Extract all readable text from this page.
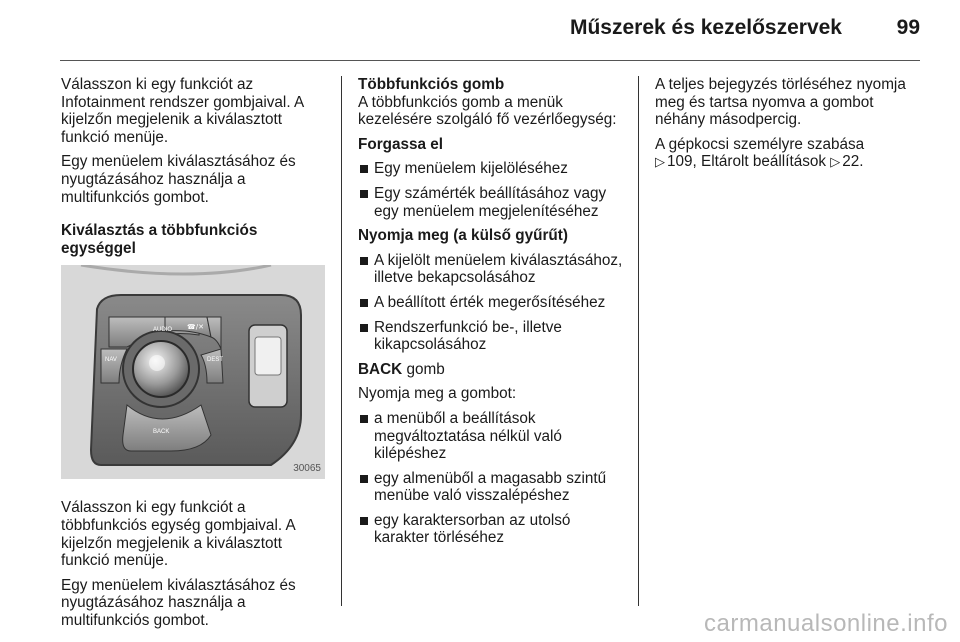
Műszerek és kezelőszervek	99

Válasszon ki egy funkciót az Infotainment rendszer gombjaival. A kijelzőn megjelenik a kiválasztott funkció menüje.

Egy menüelem kiválasztásához és nyugtázásához használja a multifunkciós gombot.

Kiválasztás a többfunkciós egységgel

AUDIO
NAV
☎/✕
DEST
BACK
30065

Válasszon ki egy funkciót a többfunkciós egység gombjaival. A kijelzőn megjelenik a kiválasztott funkció menüje.

Egy menüelem kiválasztásához és nyugtázásához használja a multifunkciós gombot.

Többfunkciós gomb

A többfunkciós gomb a menük kezelésére szolgáló fő vezérlőegység:

Forgassa el

Egy menüelem kijelöléséhez
Egy számérték beállításához vagy egy menüelem megjelenítéséhez

Nyomja meg (a külső gyűrűt)

A kijelölt menüelem kiválasztásához, illetve bekapcsolásához
A beállított érték megerősítéséhez
Rendszerfunkció be-, illetve kikapcsolásához

BACK gomb

Nyomja meg a gombot:

a menüből a beállítások megváltoztatása nélkül való kilépéshez
egy almenüből a magasabb szintű menübe való visszalépéshez
egy karaktersorban az utolsó karakter törléséhez

A teljes bejegyzés törléséhez nyomja meg és tartsa nyomva a gombot néhány másodpercig.

A gépkocsi személyre szabása
▷ 109, Eltárolt beállítások ▷ 22.

carmanualsonline.info
